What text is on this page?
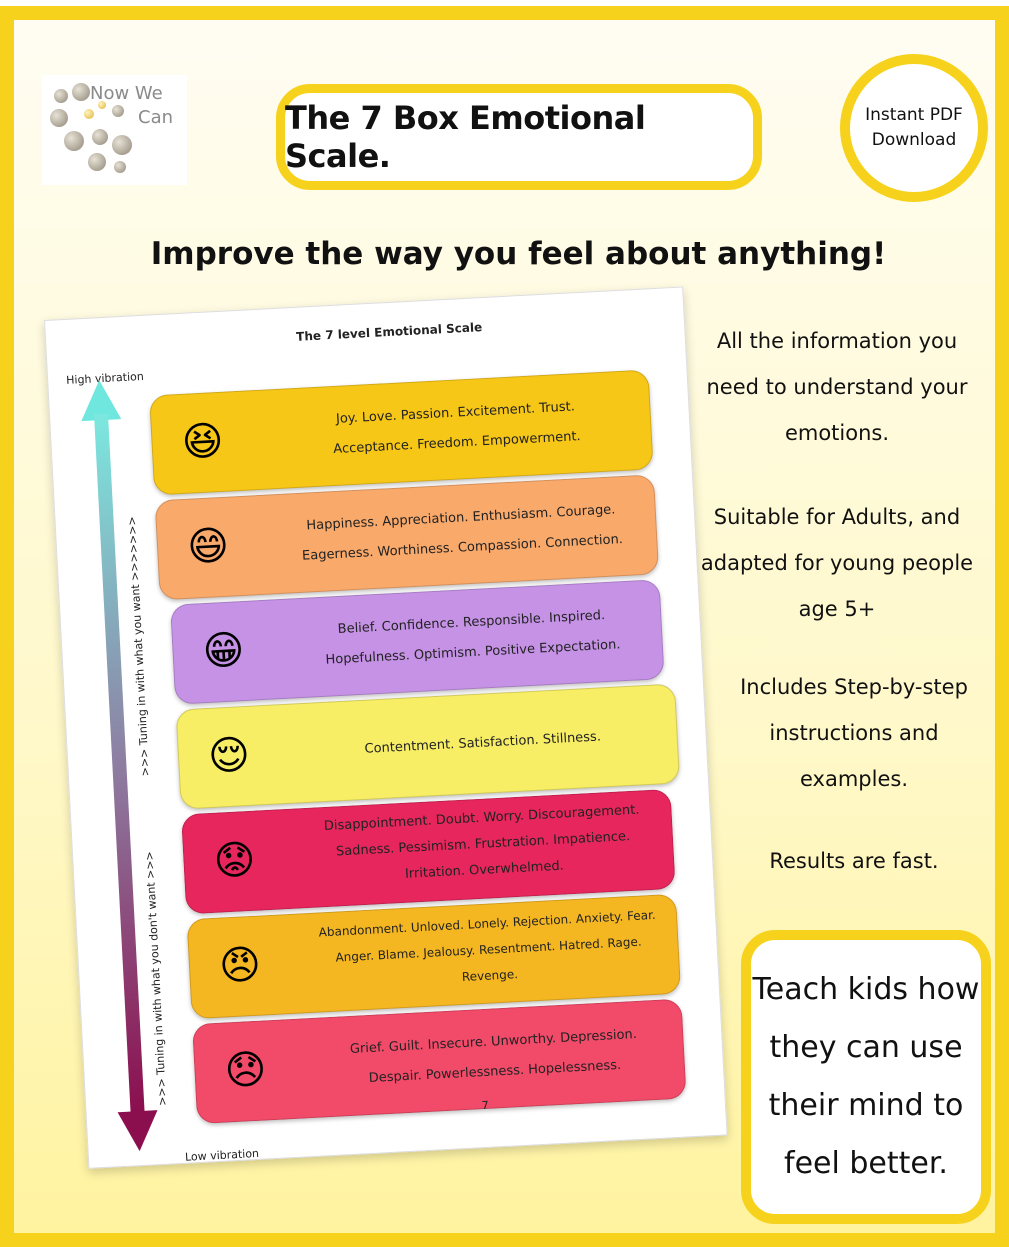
Now We
Can	The 7 Box Emotional Scale.
Instant PDF
Download
Improve the way you feel about anything!
The 7 level Emotional Scale
High vibration
>>> Tuning in with what you want >>>>>>>
>>> Tuning in with what you don't want >>>
😆
Joy. Love. Passion. Excitement. Trust.
Acceptance. Freedom. Empowerment.
😄
Happiness. Appreciation. Enthusiasm. Courage.
Eagerness. Worthiness. Compassion. Connection.
😁
Belief. Confidence. Responsible. Inspired.
Hopefulness. Optimism. Positive Expectation.
😌	Contentment. Satisfaction. Stillness.
😟
Disappointment. Doubt. Worry. Discouragement.
Sadness. Pessimism. Frustration. Impatience.
Irritation. Overwhelmed.
😠
Abandonment. Unloved. Lonely. Rejection. Anxiety. Fear.
Anger. Blame. Jealousy. Resentment. Hatred. Rage.
Revenge.
😞
Grief. Guilt. Insecure. Unworthy. Depression.
Despair. Powerlessness. Hopelessness.
7
Low vibration
All the information you
need to understand your
emotions.
Suitable for Adults, and
adapted for young people
age 5+
Includes Step-by-step
instructions and
examples.
Results are fast.
Teach kids how
they can use
their mind to
feel better.
